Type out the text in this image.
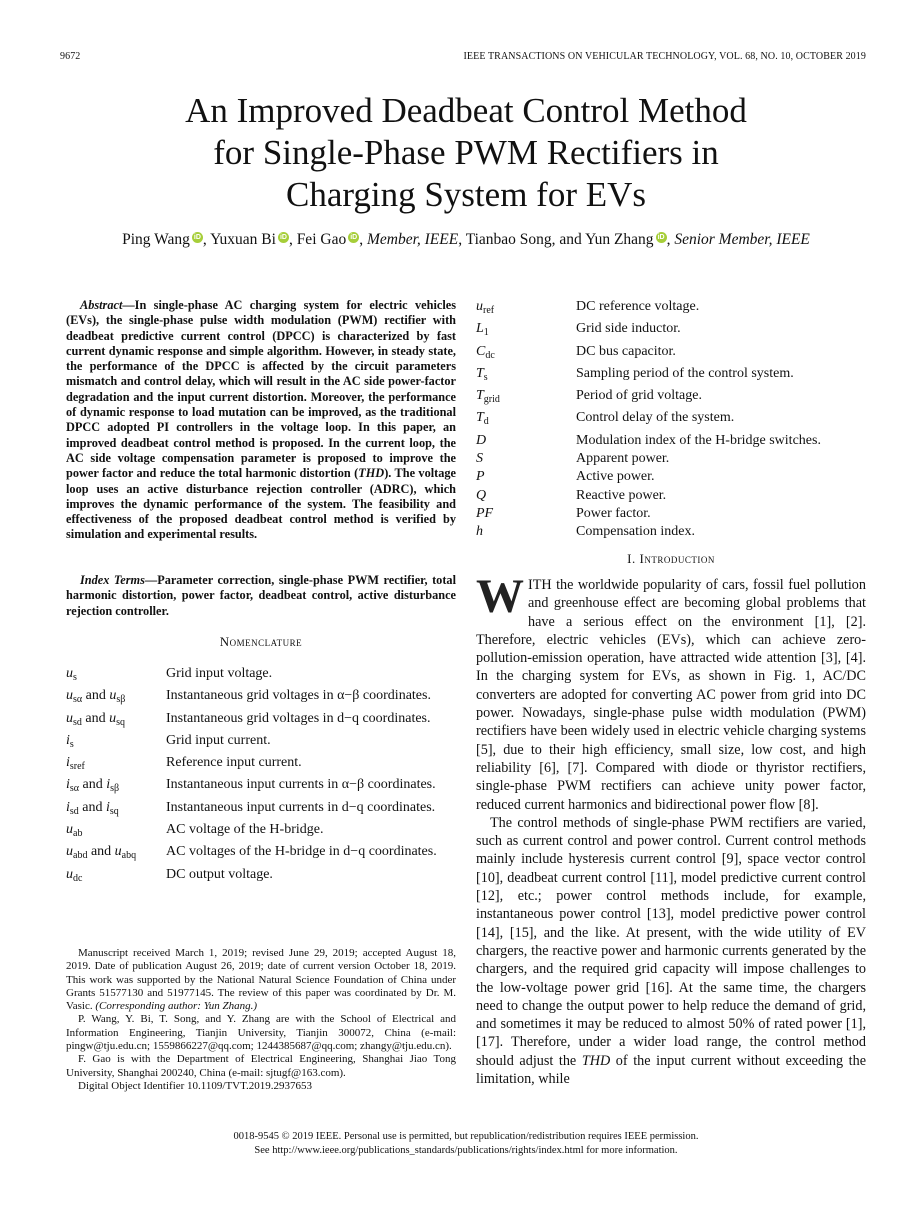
9672	IEEE TRANSACTIONS ON VEHICULAR TECHNOLOGY, VOL. 68, NO. 10, OCTOBER 2019
An Improved Deadbeat Control Method
for Single-Phase PWM Rectifiers in
Charging System for EVs
Ping Wang iD , Yuxuan Bi iD , Fei Gao iD , Member, IEEE, Tianbao Song, and Yun Zhang iD , Senior Member, IEEE
Abstract—In single-phase AC charging system for electric vehicles (EVs), the single-phase pulse width modulation (PWM) rectifier with deadbeat predictive current control (DPCC) is characterized by fast current dynamic response and simple algorithm. However, in steady state, the performance of the DPCC is affected by the circuit parameters mismatch and control delay, which will result in the AC side power-factor degradation and the input current distortion. Moreover, the performance of dynamic response to load mutation can be improved, as the traditional DPCC adopted PI controllers in the voltage loop. In this paper, an improved deadbeat control method is proposed. In the current loop, the AC side voltage compensation parameter is proposed to improve the power factor and reduce the total harmonic distortion (THD). The voltage loop uses an active disturbance rejection controller (ADRC), which improves the dynamic performance of the system. The feasibility and effectiveness of the proposed deadbeat control method is verified by simulation and experimental results.
Index Terms—Parameter correction, single-phase PWM rectifier, total harmonic distortion, power factor, deadbeat control, active disturbance rejection controller.
Nomenclature
$u_s$	Grid input voltage.
$u_{s\alpha}$ and $u_{s\beta}$	Instantaneous grid voltages in α−β coordinates.
$u_{sd}$ and $u_{sq}$	Instantaneous grid voltages in d−q coordinates.
$i_s$	Grid input current.
$i_{sref}$	Reference input current.
$i_{s\alpha}$ and $i_{s\beta}$	Instantaneous input currents in α−β coordinates.
$i_{sd}$ and $i_{sq}$	Instantaneous input currents in d−q coordinates.
$u_{ab}$	AC voltage of the H-bridge.
$u_{abd}$ and $u_{abq}$	AC voltages of the H-bridge in d−q coordinates.
$u_{dc}$	DC output voltage.

Manuscript received March 1, 2019; revised June 29, 2019; accepted August 18, 2019. Date of publication August 26, 2019; date of current version October 18, 2019. This work was supported by the National Natural Science Foundation of China under Grants 51577130 and 51977145. The review of this paper was coordinated by Dr. M. Vasic. (Corresponding author: Yun Zhang.)

P. Wang, Y. Bi, T. Song, and Y. Zhang are with the School of Electrical and Information Engineering, Tianjin University, Tianjin 300072, China (e-mail: pingw@tju.edu.cn; 1559866227@qq.com; 1244385687@qq.com; zhangy@tju.edu.cn).

F. Gao is with the Department of Electrical Engineering, Shanghai Jiao Tong University, Shanghai 200240, China (e-mail: sjtugf@163.com).

Digital Object Identifier 10.1109/TVT.2019.2937653

$u_{ref}$	DC reference voltage.
$L_1$	Grid side inductor.
$C_{dc}$	DC bus capacitor.
$T_s$	Sampling period of the control system.
$T_{grid}$	Period of grid voltage.
$T_d$	Control delay of the system.
D	Modulation index of the H-bridge switches.
S	Apparent power.
P	Active power.
Q	Reactive power.
PF	Power factor.
h	Compensation index.
I. Introduction

WITH the worldwide popularity of cars, fossil fuel pollution and greenhouse effect are becoming global problems that have a serious effect on the environment [1], [2]. Therefore, electric vehicles (EVs), which can achieve zero-pollution-emission operation, have attracted wide attention [3], [4]. In the charging system for EVs, as shown in Fig. 1, AC/DC converters are adopted for converting AC power from grid into DC power. Nowadays, single-phase pulse width modulation (PWM) rectifiers have been widely used in electric vehicle charging systems [5], due to their high efficiency, small size, low cost, and high reliability [6], [7]. Compared with diode or thyristor rectifiers, single-phase PWM rectifiers can achieve unity power factor, reduced current harmonics and bidirectional power flow [8].

The control methods of single-phase PWM rectifiers are varied, such as current control and power control. Current control methods mainly include hysteresis current control [9], space vector control [10], deadbeat current control [11], model predictive current control [12], etc.; power control methods include, for example, instantaneous power control [13], model predictive power control [14], [15], and the like. At present, with the wide utility of EV chargers, the reactive power and harmonic currents generated by the chargers, and the required grid capacity will impose challenges to the low-voltage power grid [16]. At the same time, the chargers need to change the output power to help reduce the demand of grid, and sometimes it may be reduced to almost 50% of rated power [1], [17]. Therefore, under a wider load range, the control method should adjust the THD of the input current without exceeding the limitation, while

0018-9545 © 2019 IEEE. Personal use is permitted, but republication/redistribution requires IEEE permission.
See http://www.ieee.org/publications_standards/publications/rights/index.html for more information.
